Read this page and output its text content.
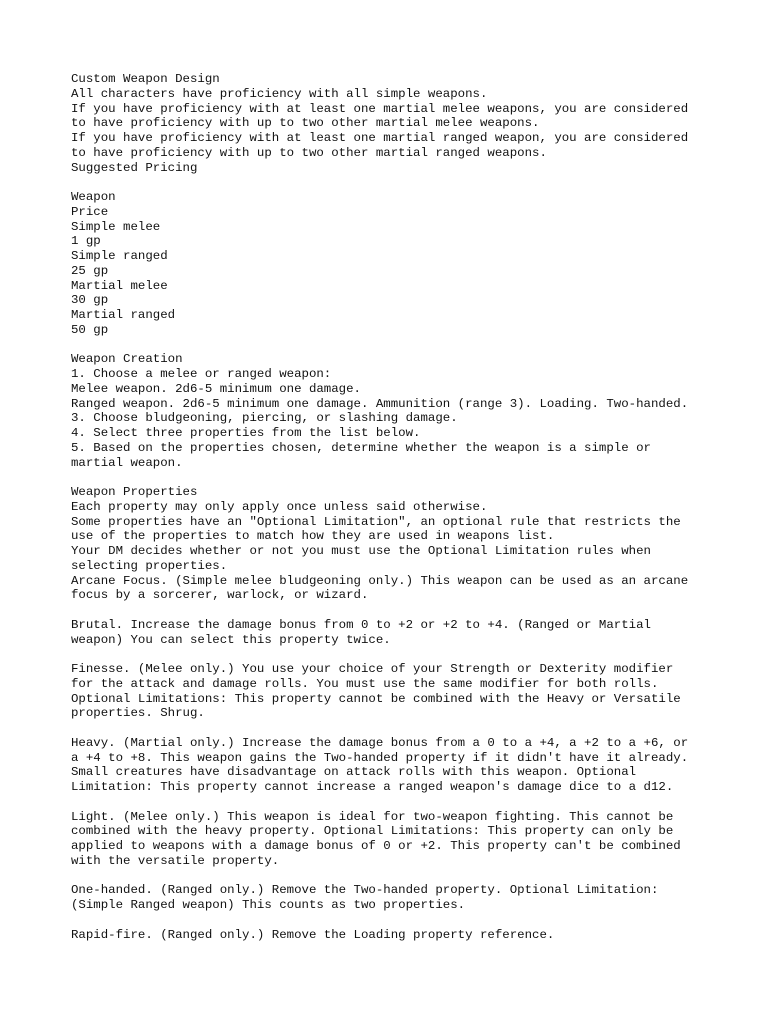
Custom Weapon Design
All characters have proficiency with all simple weapons.
If you have proficiency with at least one martial melee weapons, you are considered
to have proficiency with up to two other martial melee weapons.
If you have proficiency with at least one martial ranged weapon, you are considered
to have proficiency with up to two other martial ranged weapons.
Suggested Pricing
Weapon
Price
Simple melee
1 gp
Simple ranged
25 gp
Martial melee
30 gp
Martial ranged
50 gp
Weapon Creation
1. Choose a melee or ranged weapon:
Melee weapon. 2d6-5 minimum one damage.
Ranged weapon. 2d6-5 minimum one damage. Ammunition (range 3). Loading. Two-handed.
3. Choose bludgeoning, piercing, or slashing damage.
4. Select three properties from the list below.
5. Based on the properties chosen, determine whether the weapon is a simple or
martial weapon.
Weapon Properties
Each property may only apply once unless said otherwise.
Some properties have an "Optional Limitation", an optional rule that restricts the
use of the properties to match how they are used in weapons list.
Your DM decides whether or not you must use the Optional Limitation rules when
selecting properties.
Arcane Focus. (Simple melee bludgeoning only.) This weapon can be used as an arcane
focus by a sorcerer, warlock, or wizard.
Brutal. Increase the damage bonus from 0 to +2 or +2 to +4. (Ranged or Martial
weapon) You can select this property twice.
Finesse. (Melee only.) You use your choice of your Strength or Dexterity modifier
for the attack and damage rolls. You must use the same modifier for both rolls.
Optional Limitations: This property cannot be combined with the Heavy or Versatile
properties. Shrug.
Heavy. (Martial only.) Increase the damage bonus from a 0 to a +4, a +2 to a +6, or
a +4 to +8. This weapon gains the Two-handed property if it didn't have it already.
Small creatures have disadvantage on attack rolls with this weapon. Optional
Limitation: This property cannot increase a ranged weapon's damage dice to a d12.
Light. (Melee only.) This weapon is ideal for two-weapon fighting. This cannot be
combined with the heavy property. Optional Limitations: This property can only be
applied to weapons with a damage bonus of 0 or +2. This property can't be combined
with the versatile property.
One-handed. (Ranged only.) Remove the Two-handed property. Optional Limitation:
(Simple Ranged weapon) This counts as two properties.
Rapid-fire. (Ranged only.) Remove the Loading property reference.
